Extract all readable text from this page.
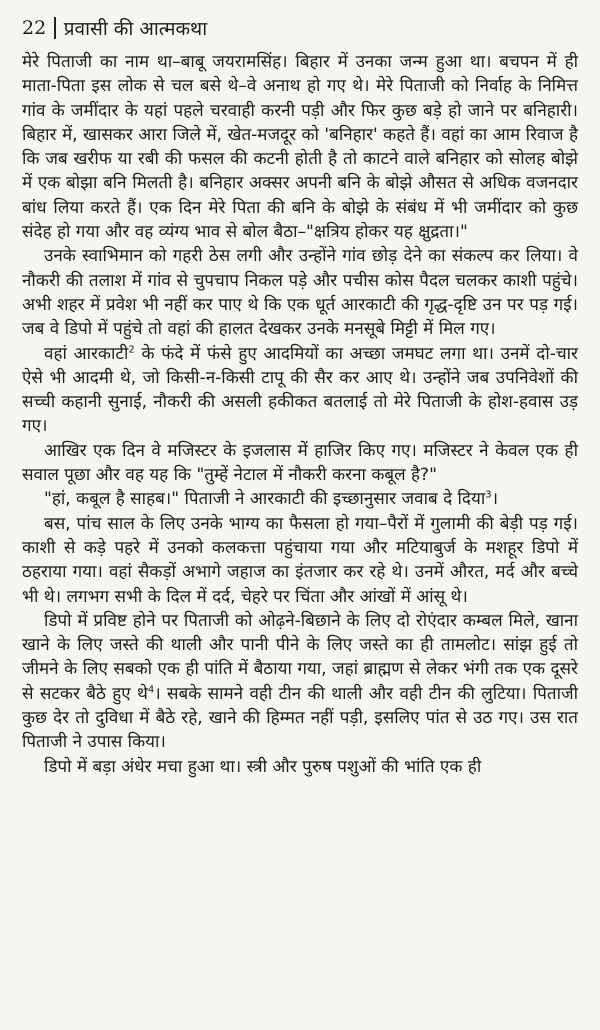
22 प्रवासी की आत्मकथा

मेरे पिताजी का नाम था–बाबू जयरामसिंह। बिहार में उनका जन्म हुआ था। बचपन में ही माता-पिता इस लोक से चल बसे थे–वे अनाथ हो गए थे। मेरे पिताजी को निर्वाह के निमित्त गांव के जमींदार के यहां पहले चरवाही करनी पड़ी और फिर कुछ बड़े हो जाने पर बनिहारी। बिहार में, खासकर आरा जिले में, खेत-मजदूर को 'बनिहार' कहते हैं। वहां का आम रिवाज है कि जब खरीफ या रबी की फसल की कटनी होती है तो काटने वाले बनिहार को सोलह बोझे में एक बोझा बनि मिलती है। बनिहार अक्सर अपनी बनि के बोझे औसत से अधिक वजनदार बांध लिया करते हैं। एक दिन मेरे पिता की बनि के बोझे के संबंध में भी जमींदार को कुछ संदेह हो गया और वह व्यंग्य भाव से बोल बैठा–"क्षत्रिय होकर यह क्षुद्रता।"

उनके स्वाभिमान को गहरी ठेस लगी और उन्होंने गांव छोड़ देने का संकल्प कर लिया। वे नौकरी की तलाश में गांव से चुपचाप निकल पड़े और पचीस कोस पैदल चलकर काशी पहुंचे। अभी शहर में प्रवेश भी नहीं कर पाए थे कि एक धूर्त आरकाटी की गृद्ध-दृष्टि उन पर पड़ गई। जब वे डिपो में पहुंचे तो वहां की हालत देखकर उनके मनसूबे मिट्टी में मिल गए।

वहां आरकाटी$^2$ के फंदे में फंसे हुए आदमियों का अच्छा जमघट लगा था। उनमें दो-चार ऐसे भी आदमी थे, जो किसी-न-किसी टापू की सैर कर आए थे। उन्होंने जब उपनिवेशों की सच्ची कहानी सुनाई, नौकरी की असली हकीकत बतलाई तो मेरे पिताजी के होश-हवास उड़ गए।

आखिर एक दिन वे मजिस्टर के इजलास में हाजिर किए गए। मजिस्टर ने केवल एक ही सवाल पूछा और वह यह कि "तुम्हें नेटाल में नौकरी करना कबूल है?"

"हां, कबूल है साहब।" पिताजी ने आरकाटी की इच्छानुसार जवाब दे दिया$^3$।

बस, पांच साल के लिए उनके भाग्य का फैसला हो गया–पैरों में गुलामी की बेड़ी पड़ गई। काशी से कड़े पहरे में उनको कलकत्ता पहुंचाया गया और मटियाबुर्ज के मशहूर डिपो में ठहराया गया। वहां सैकड़ों अभागे जहाज का इंतजार कर रहे थे। उनमें औरत, मर्द और बच्चे भी थे। लगभग सभी के दिल में दर्द, चेहरे पर चिंता और आंखों में आंसू थे।

डिपो में प्रविष्ट होने पर पिताजी को ओढ़ने-बिछाने के लिए दो रोएंदार कम्बल मिले, खाना खाने के लिए जस्ते की थाली और पानी पीने के लिए जस्ते का ही तामलोट। सांझ हुई तो जीमने के लिए सबको एक ही पांति में बैठाया गया, जहां ब्राह्मण से लेकर भंगी तक एक दूसरे से सटकर बैठे हुए थे$^4$। सबके सामने वही टीन की थाली और वही टीन की लुटिया। पिताजी कुछ देर तो दुविधा में बैठे रहे, खाने की हिम्मत नहीं पड़ी, इसलिए पांत से उठ गए। उस रात पिताजी ने उपास किया।

डिपो में बड़ा अंधेर मचा हुआ था। स्त्री और पुरुष पशुओं की भांति एक ही
